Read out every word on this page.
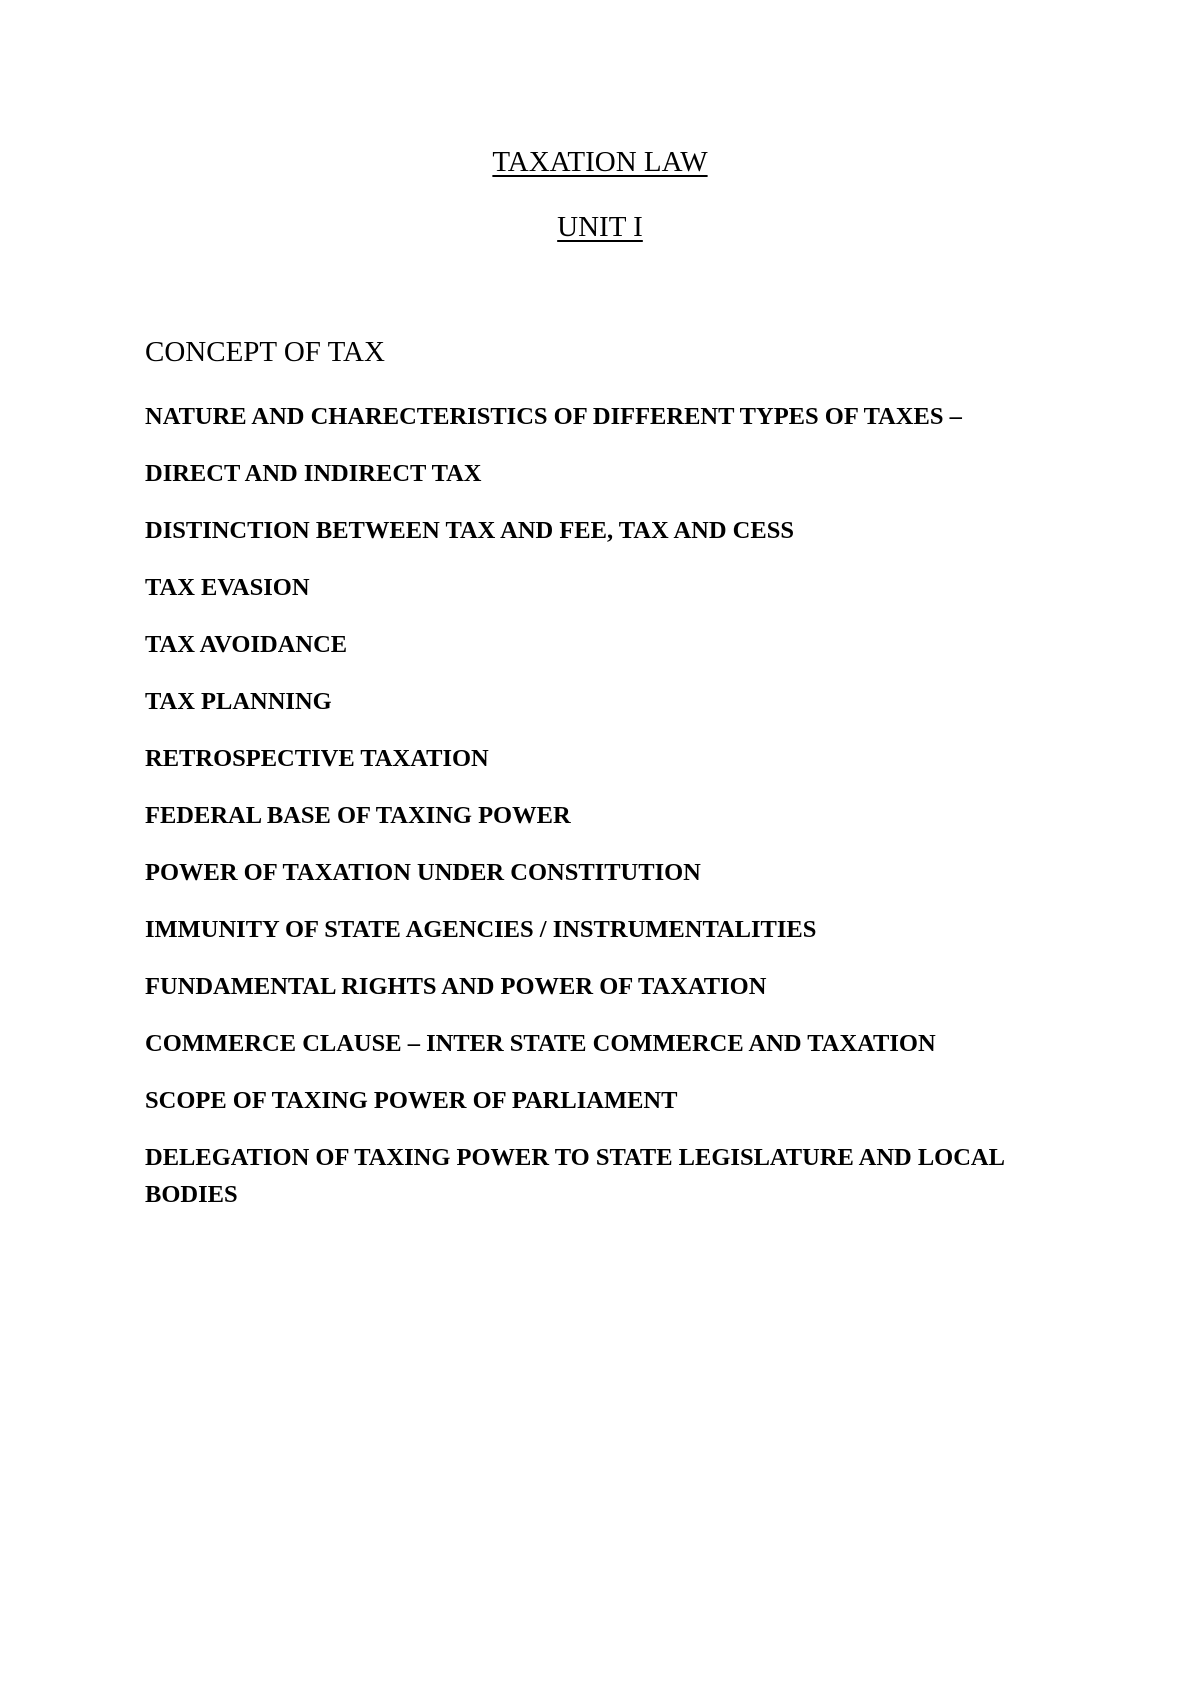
TAXATION LAW
UNIT I
CONCEPT OF TAX
NATURE AND CHARECTERISTICS OF DIFFERENT TYPES OF TAXES –
DIRECT AND INDIRECT TAX
DISTINCTION BETWEEN TAX AND FEE, TAX AND CESS
TAX EVASION
TAX AVOIDANCE
TAX PLANNING
RETROSPECTIVE TAXATION
FEDERAL BASE OF TAXING POWER
POWER OF TAXATION UNDER CONSTITUTION
IMMUNITY OF STATE AGENCIES / INSTRUMENTALITIES
FUNDAMENTAL RIGHTS AND POWER OF TAXATION
COMMERCE CLAUSE – INTER STATE COMMERCE AND TAXATION
SCOPE OF TAXING POWER OF PARLIAMENT
DELEGATION OF TAXING POWER TO STATE LEGISLATURE AND LOCAL BODIES
